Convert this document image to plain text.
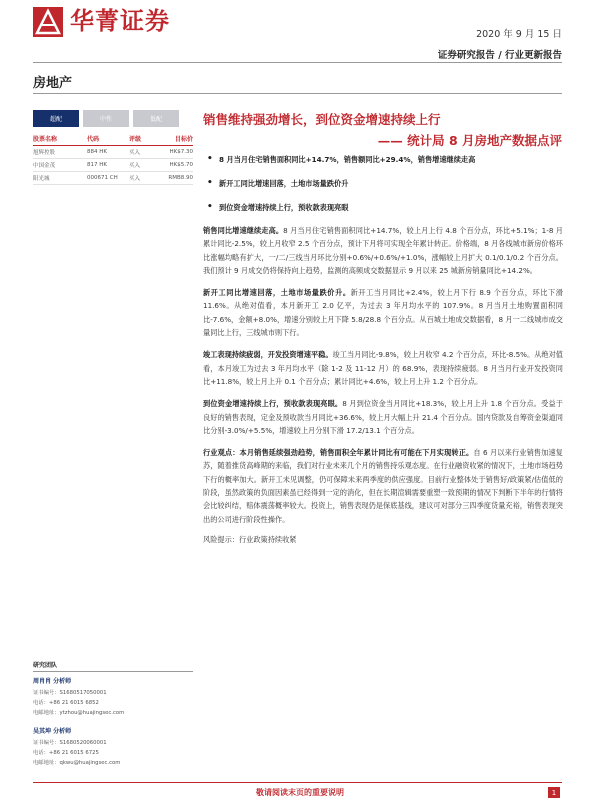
华菁证券	2020 年 9 月 15 日
证券研究报告 / 行业更新报告
房地产
超配	中性	低配
股票名称	代码	评级	目标价
旭辉控股	884 HK	买入	HK$7.30
中国金茂	817 HK	买入	HK$5.70
阳光城	000671 CH	买入	RMB8.90
销售维持强劲增长，到位资金增速持续上行
—— 统计局 8 月房地产数据点评
• 8 月当月住宅销售面积同比+14.7%，销售额同比+29.4%，销售增速继续走高
• 新开工同比增速回落，土地市场量跌价升
• 到位资金增速持续上行，预收款表现亮眼

销售同比增速继续走高。8 月当月住宅销售面积同比+14.7%，较上月上行 4.8 个百分点，环比+5.1%；1-8 月累计同比-2.5%，较上月收窄 2.5 个百分点，预计下月将可实现全年累计转正。价格端，8 月各线城市新房价格环比涨幅均略有扩大，一/二/三线当月环比分别+0.6%/+0.6%/+1.0%，涨幅较上月扩大 0.1/0.1/0.2 个百分点。我们预计 9 月成交仍将保持向上趋势，监测的高频成交数据显示 9 月以来 25 城新房销量同比+14.2%。

新开工同比增速回落，土地市场量跌价升。新开工当月同比+2.4%，较上月下行 8.9 个百分点，环比下滑 11.6%。从绝对值看，本月新开工 2.0 亿平，为过去 3 年月均水平的 107.9%。8 月当月土地购置面积同比-7.6%，金额+8.0%，增速分别较上月下降 5.8/28.8 个百分点。从百城土地成交数据看，8 月一二线城市成交量同比上行，三线城市则下行。

竣工表现持续疲弱，开发投资增速平稳。竣工当月同比-9.8%，较上月收窄 4.2 个百分点，环比-8.5%。从绝对值看，本月竣工为过去 3 年月均水平（除 1-2 及 11-12 月）的 68.9%，表现持续疲弱。8 月当月行业开发投资同比+11.8%，较上月上升 0.1 个百分点；累计同比+4.6%，较上月上升 1.2 个百分点。

到位资金增速持续上行，预收款表现亮眼。8 月到位资金当月同比+18.3%，较上月上升 1.8 个百分点。受益于良好的销售表现，定金及预收款当月同比+36.6%，较上月大幅上升 21.4 个百分点。国内贷款及自筹资金渠道同比分别-3.0%/+5.5%，增速较上月分别下滑 17.2/13.1 个百分点。

行业观点：本月销售延续强劲趋势，销售面积全年累计同比有可能在下月实现转正。自 6 月以来行业销售加速复苏，随着推货高峰期的来临，我们对行业未来几个月的销售持乐观态度。在行业融资收紧的情况下，土地市场趋势下行的概率加大。新开工未见调整，仍可保障未来两季度的供应强度。目前行业整体处于销售好/政策紧/估值低的阶段，虽然政策的负面因素虽已经得到一定的消化，但在长期渲辑需要重塑一致预期的情况下判断下半年的行情将会比较纠结，赔体震荡概率较大。投资上，销售表现仍是保底基线，建议可对部分三四季度货量充裕，销售表现突出的公司进行阶段性操作。

风险提示：行业政策持续收紧

研究团队
周肖肖 分析师
证书编号：S1680517050001
电话：+86 21 6015 6852
电邮地址：ytzhou@huajingsec.com
吴其坤 分析师
证书编号：S1680520060001
电话：+86 21 6015 6725
电邮地址：qkwu@huajingsec.com
敬请阅读末页的重要说明	1
